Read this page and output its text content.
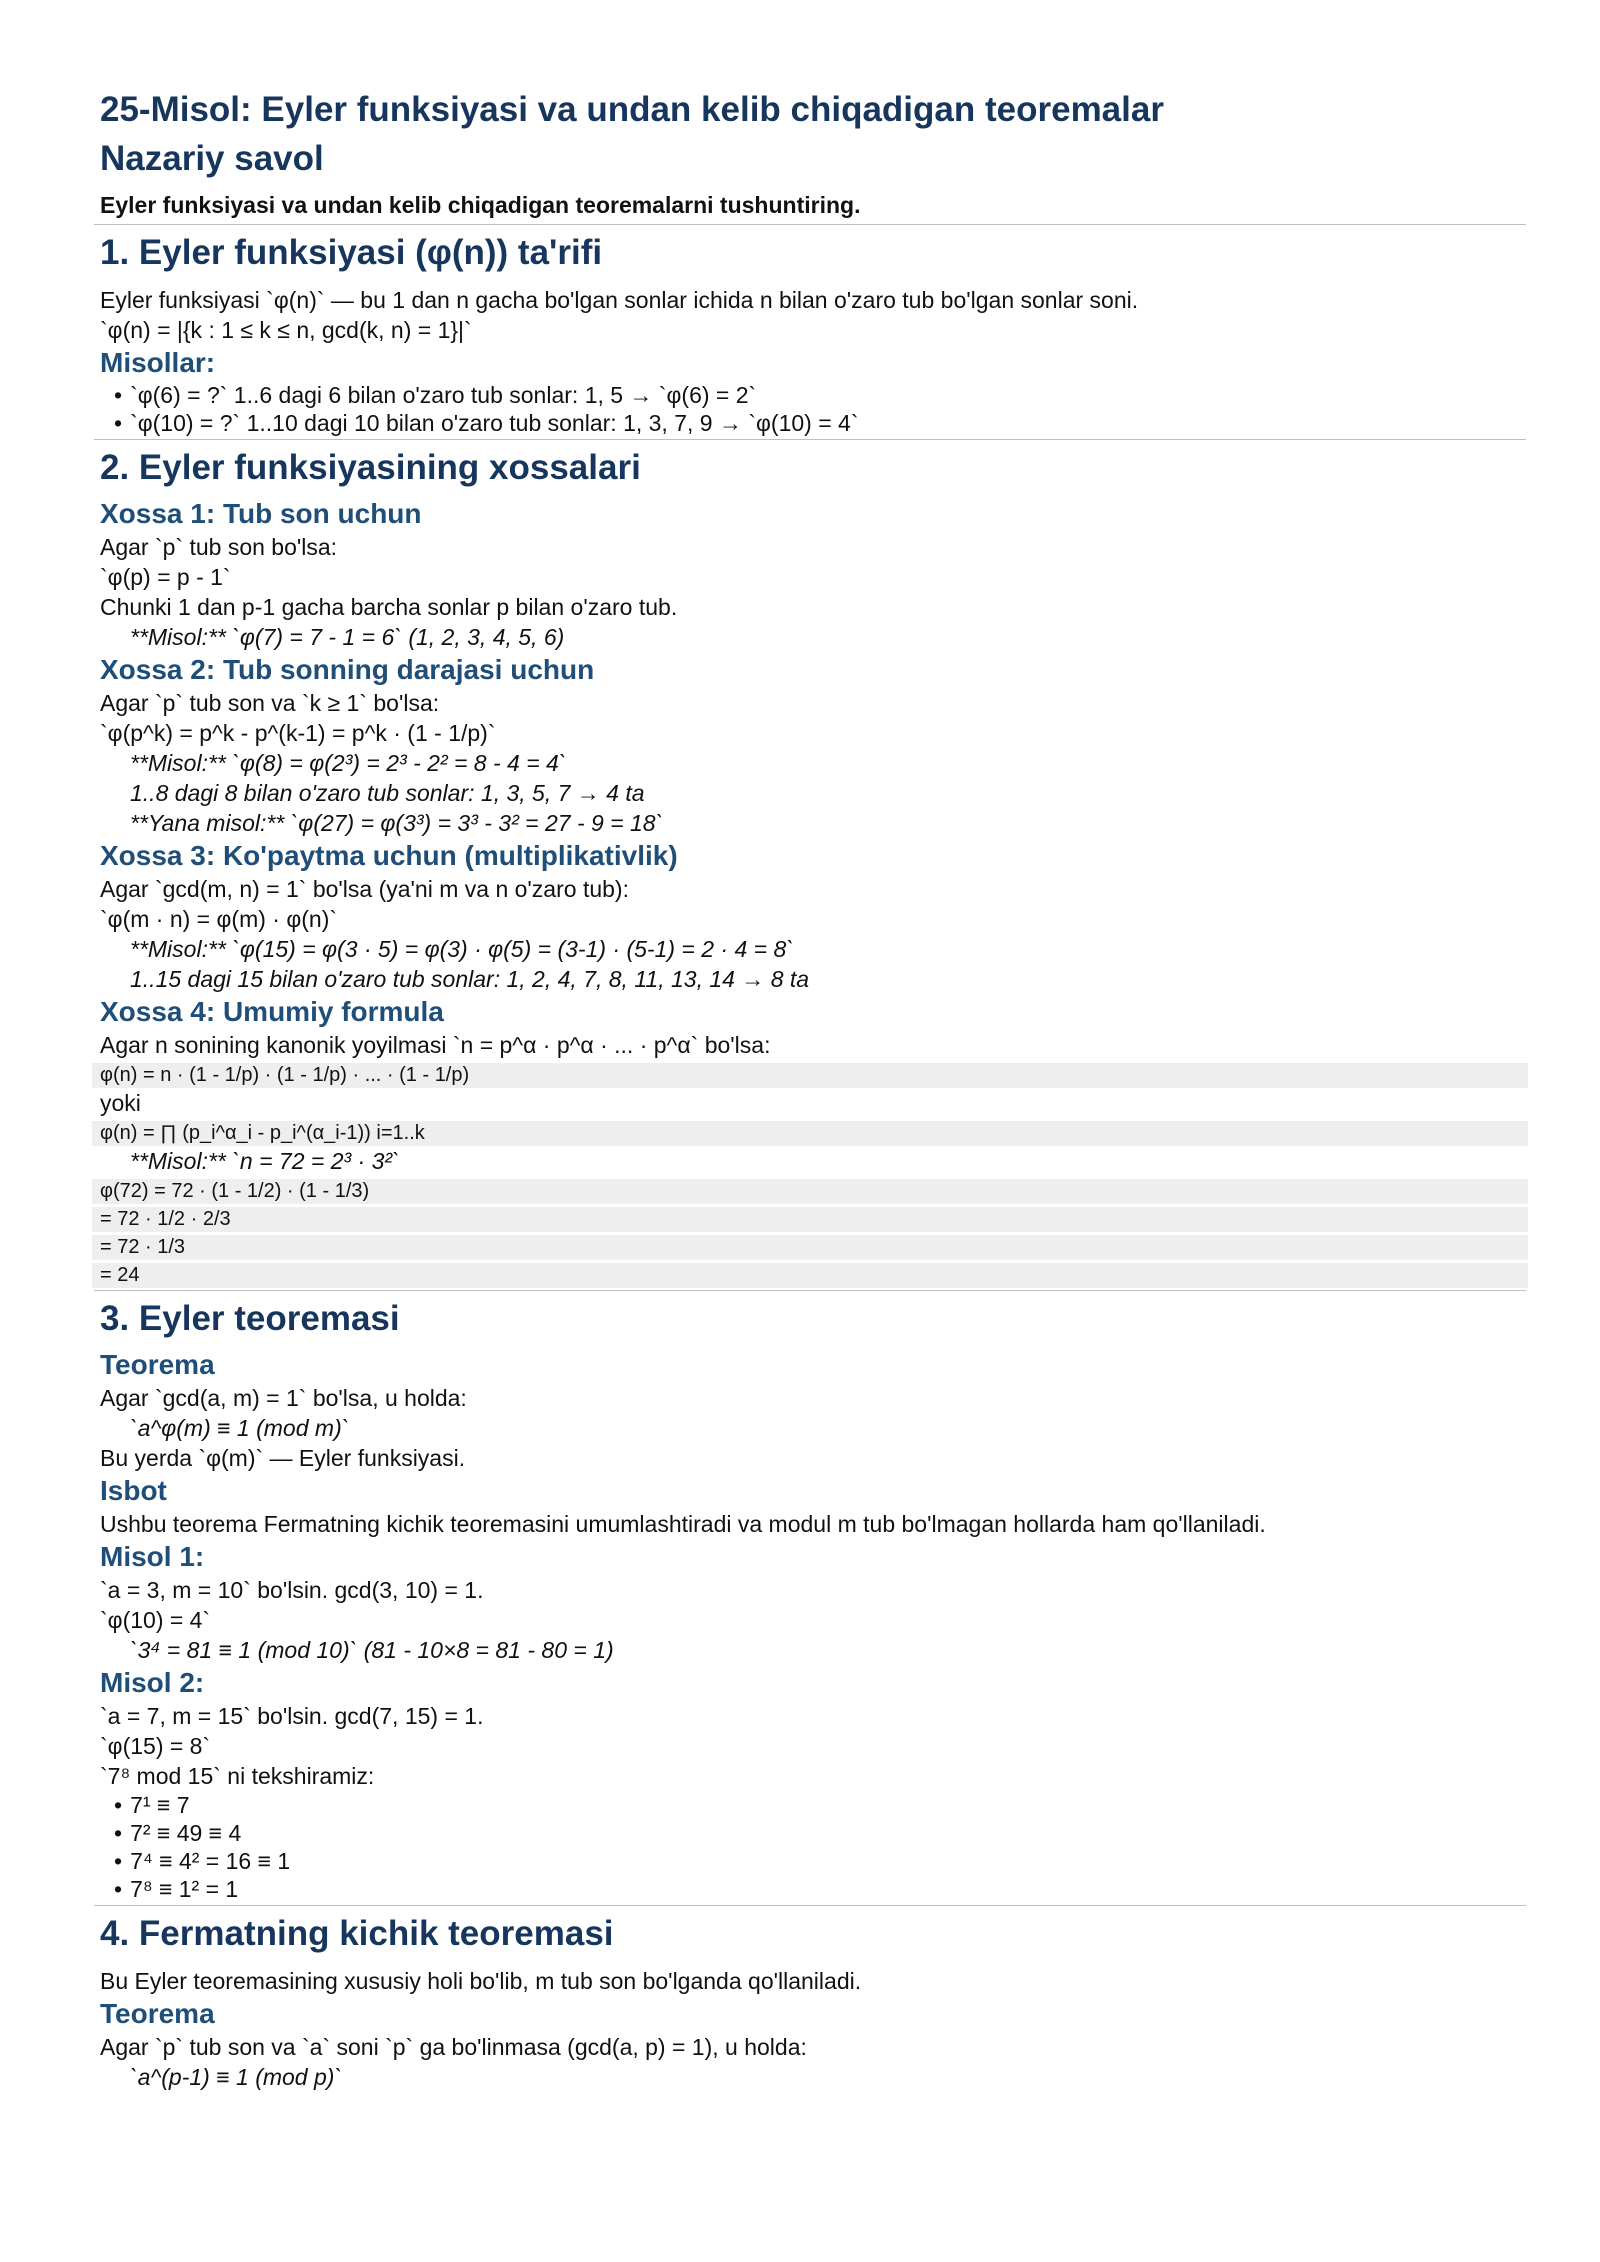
25-Misol: Eyler funksiyasi va undan kelib chiqadigan teoremalar
Nazariy savol

Eyler funksiyasi va undan kelib chiqadigan teoremalarni tushuntiring.

1. Eyler funksiyasi (φ(n)) ta'rifi

Eyler funksiyasi `φ(n)` — bu 1 dan n gacha bo'lgan sonlar ichida n bilan o'zaro tub bo'lgan sonlar soni.

`φ(n) = |{k : 1 ≤ k ≤ n, gcd(k, n) = 1}|`

Misollar:
• `φ(6) = ?` 1..6 dagi 6 bilan o'zaro tub sonlar: 1, 5 → `φ(6) = 2`
• `φ(10) = ?` 1..10 dagi 10 bilan o'zaro tub sonlar: 1, 3, 7, 9 → `φ(10) = 4`
2. Eyler funksiyasining xossalari
Xossa 1: Tub son uchun

Agar `p` tub son bo'lsa:

`φ(p) = p - 1`

Chunki 1 dan p-1 gacha barcha sonlar p bilan o'zaro tub.

**Misol:** `φ(7) = 7 - 1 = 6` (1, 2, 3, 4, 5, 6)

Xossa 2: Tub sonning darajasi uchun

Agar `p` tub son va `k ≥ 1` bo'lsa:

`φ(p^k) = p^k - p^(k-1) = p^k · (1 - 1/p)`

**Misol:** `φ(8) = φ(2³) = 2³ - 2² = 8 - 4 = 4`

1..8 dagi 8 bilan o'zaro tub sonlar: 1, 3, 5, 7 → 4 ta

**Yana misol:** `φ(27) = φ(3³) = 3³ - 3² = 27 - 9 = 18`

Xossa 3: Ko'paytma uchun (multiplikativlik)

Agar `gcd(m, n) = 1` bo'lsa (ya'ni m va n o'zaro tub):

`φ(m · n) = φ(m) · φ(n)`

**Misol:** `φ(15) = φ(3 · 5) = φ(3) · φ(5) = (3-1) · (5-1) = 2 · 4 = 8`

1..15 dagi 15 bilan o'zaro tub sonlar: 1, 2, 4, 7, 8, 11, 13, 14 → 8 ta

Xossa 4: Umumiy formula

Agar n sonining kanonik yoyilmasi `n = p^α · p^α · ... · p^α` bo'lsa:

φ(n) = n · (1 - 1/p) · (1 - 1/p) · ... · (1 - 1/p)

yoki

φ(n) = ∏ (p_i^α_i - p_i^(α_i-1)) i=1..k

**Misol:** `n = 72 = 2³ · 3²`

φ(72) = 72 · (1 - 1/2) · (1 - 1/3)
= 72 · 1/2 · 2/3
= 72 · 1/3
= 24
3. Eyler teoremasi
Teorema

Agar `gcd(a, m) = 1` bo'lsa, u holda:

`a^φ(m) ≡ 1 (mod m)`

Bu yerda `φ(m)` — Eyler funksiyasi.

Isbot

Ushbu teorema Fermatning kichik teoremasini umumlashtiradi va modul m tub bo'lmagan hollarda ham qo'llaniladi.

Misol 1:

`a = 3, m = 10` bo'lsin. gcd(3, 10) = 1.

`φ(10) = 4`

`3⁴ = 81 ≡ 1 (mod 10)` (81 - 10×8 = 81 - 80 = 1)

Misol 2:

`a = 7, m = 15` bo'lsin. gcd(7, 15) = 1.

`φ(15) = 8`

`7⁸ mod 15` ni tekshiramiz:

• 7¹ ≡ 7
• 7² ≡ 49 ≡ 4
• 7⁴ ≡ 4² = 16 ≡ 1
• 7⁸ ≡ 1² = 1
4. Fermatning kichik teoremasi

Bu Eyler teoremasining xususiy holi bo'lib, m tub son bo'lganda qo'llaniladi.

Teorema

Agar `p` tub son va `a` soni `p` ga bo'linmasa (gcd(a, p) = 1), u holda:

`a^(p-1) ≡ 1 (mod p)`
